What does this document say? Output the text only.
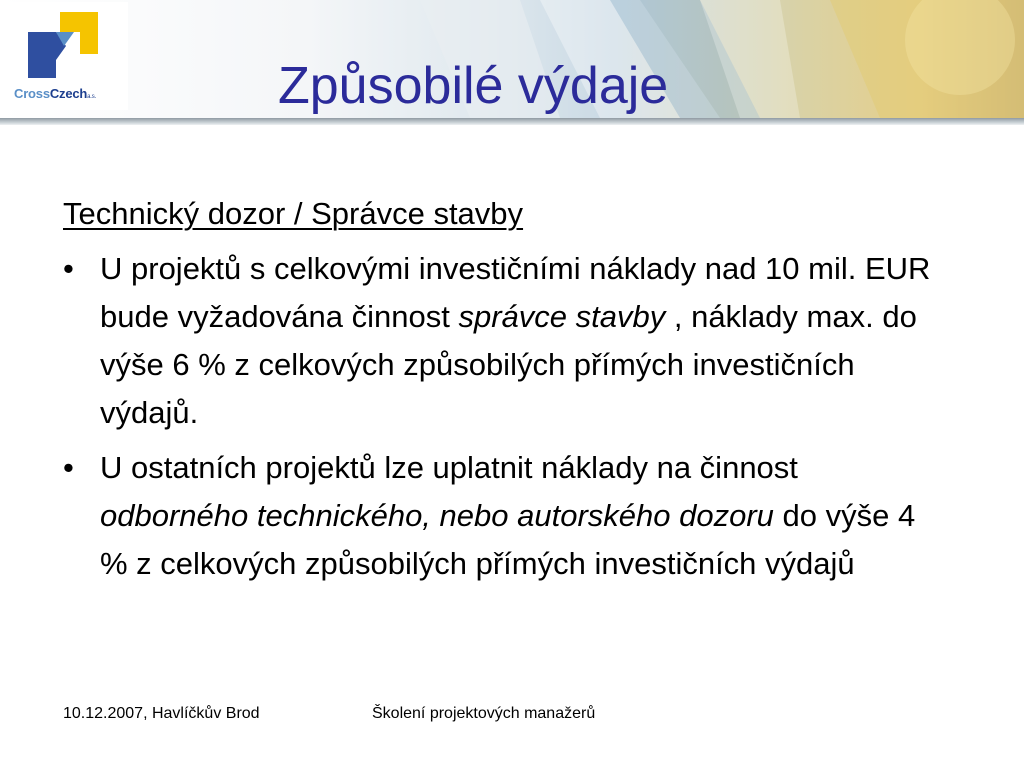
CrossCzecha.s.	Způsobilé výdaje
Technický dozor / Správce stavby
• U projektů s celkovými investičními náklady nad 10 mil. EUR bude vyžadována činnost správce stavby , náklady max. do výše 6 % z celkových způsobilých přímých investičních výdajů.
• U ostatních projektů lze uplatnit náklady na činnost odborného technického, nebo autorského dozoru do výše 4 % z celkových způsobilých přímých investičních výdajů
10.12.2007, Havlíčkův Brod	Školení projektových manažerů
